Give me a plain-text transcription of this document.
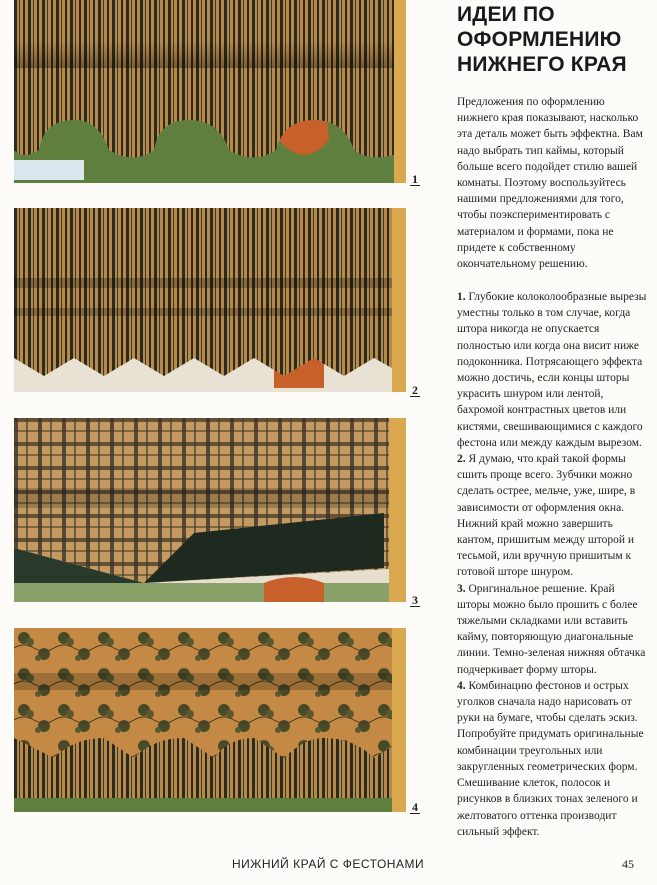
1
2
3
4
ИДЕИ ПО
ОФОРМЛЕНИЮ
НИЖНЕГО КРАЯ
Предложения по оформлению нижнего края показывают, насколько эта деталь может быть эффектна. Вам надо выбрать тип каймы, который больше всего подойдет стилю вашей комнаты. Поэтому воспользуйтесь нашими предложениями для того, чтобы поэкспериментировать с материалом и формами, пока не придете к собственному окончательному решению.

1. Глубокие колоколообразные вырезы уместны только в том случае, когда штора никогда не опускается полностью или когда она висит ниже подоконника. Потрясающего эффекта можно достичь, если концы шторы украсить шнуром или лентой, бахромой контрастных цветов или кистями, свешивающимися с каждого фестона или между каждым вырезом.

2. Я думаю, что край такой формы сшить проще всего. Зубчики можно сделать острее, мельче, уже, шире, в зависимости от оформления окна. Нижний край можно завершить кантом, пришитым между шторой и тесьмой, или вручную пришитым к готовой шторе шнуром.

3. Оригинальное решение. Край шторы можно было прошить с более тяжелыми складками или вставить кайму, повторяющую диагональные линии. Темно-зеленая нижняя обтачка подчеркивает форму шторы.

4. Комбинацию фестонов и острых уголков сначала надо нарисовать от руки на бумаге, чтобы сделать эскиз. Попробуйте придумать оригинальные комбинации треугольных или закругленных геометрических форм. Смешивание клеток, полосок и рисунков в близких тонах зеленого и желтоватого оттенка производит сильный эффект.

НИЖНИЙ КРАЙ С ФЕСТОНАМИ	45
